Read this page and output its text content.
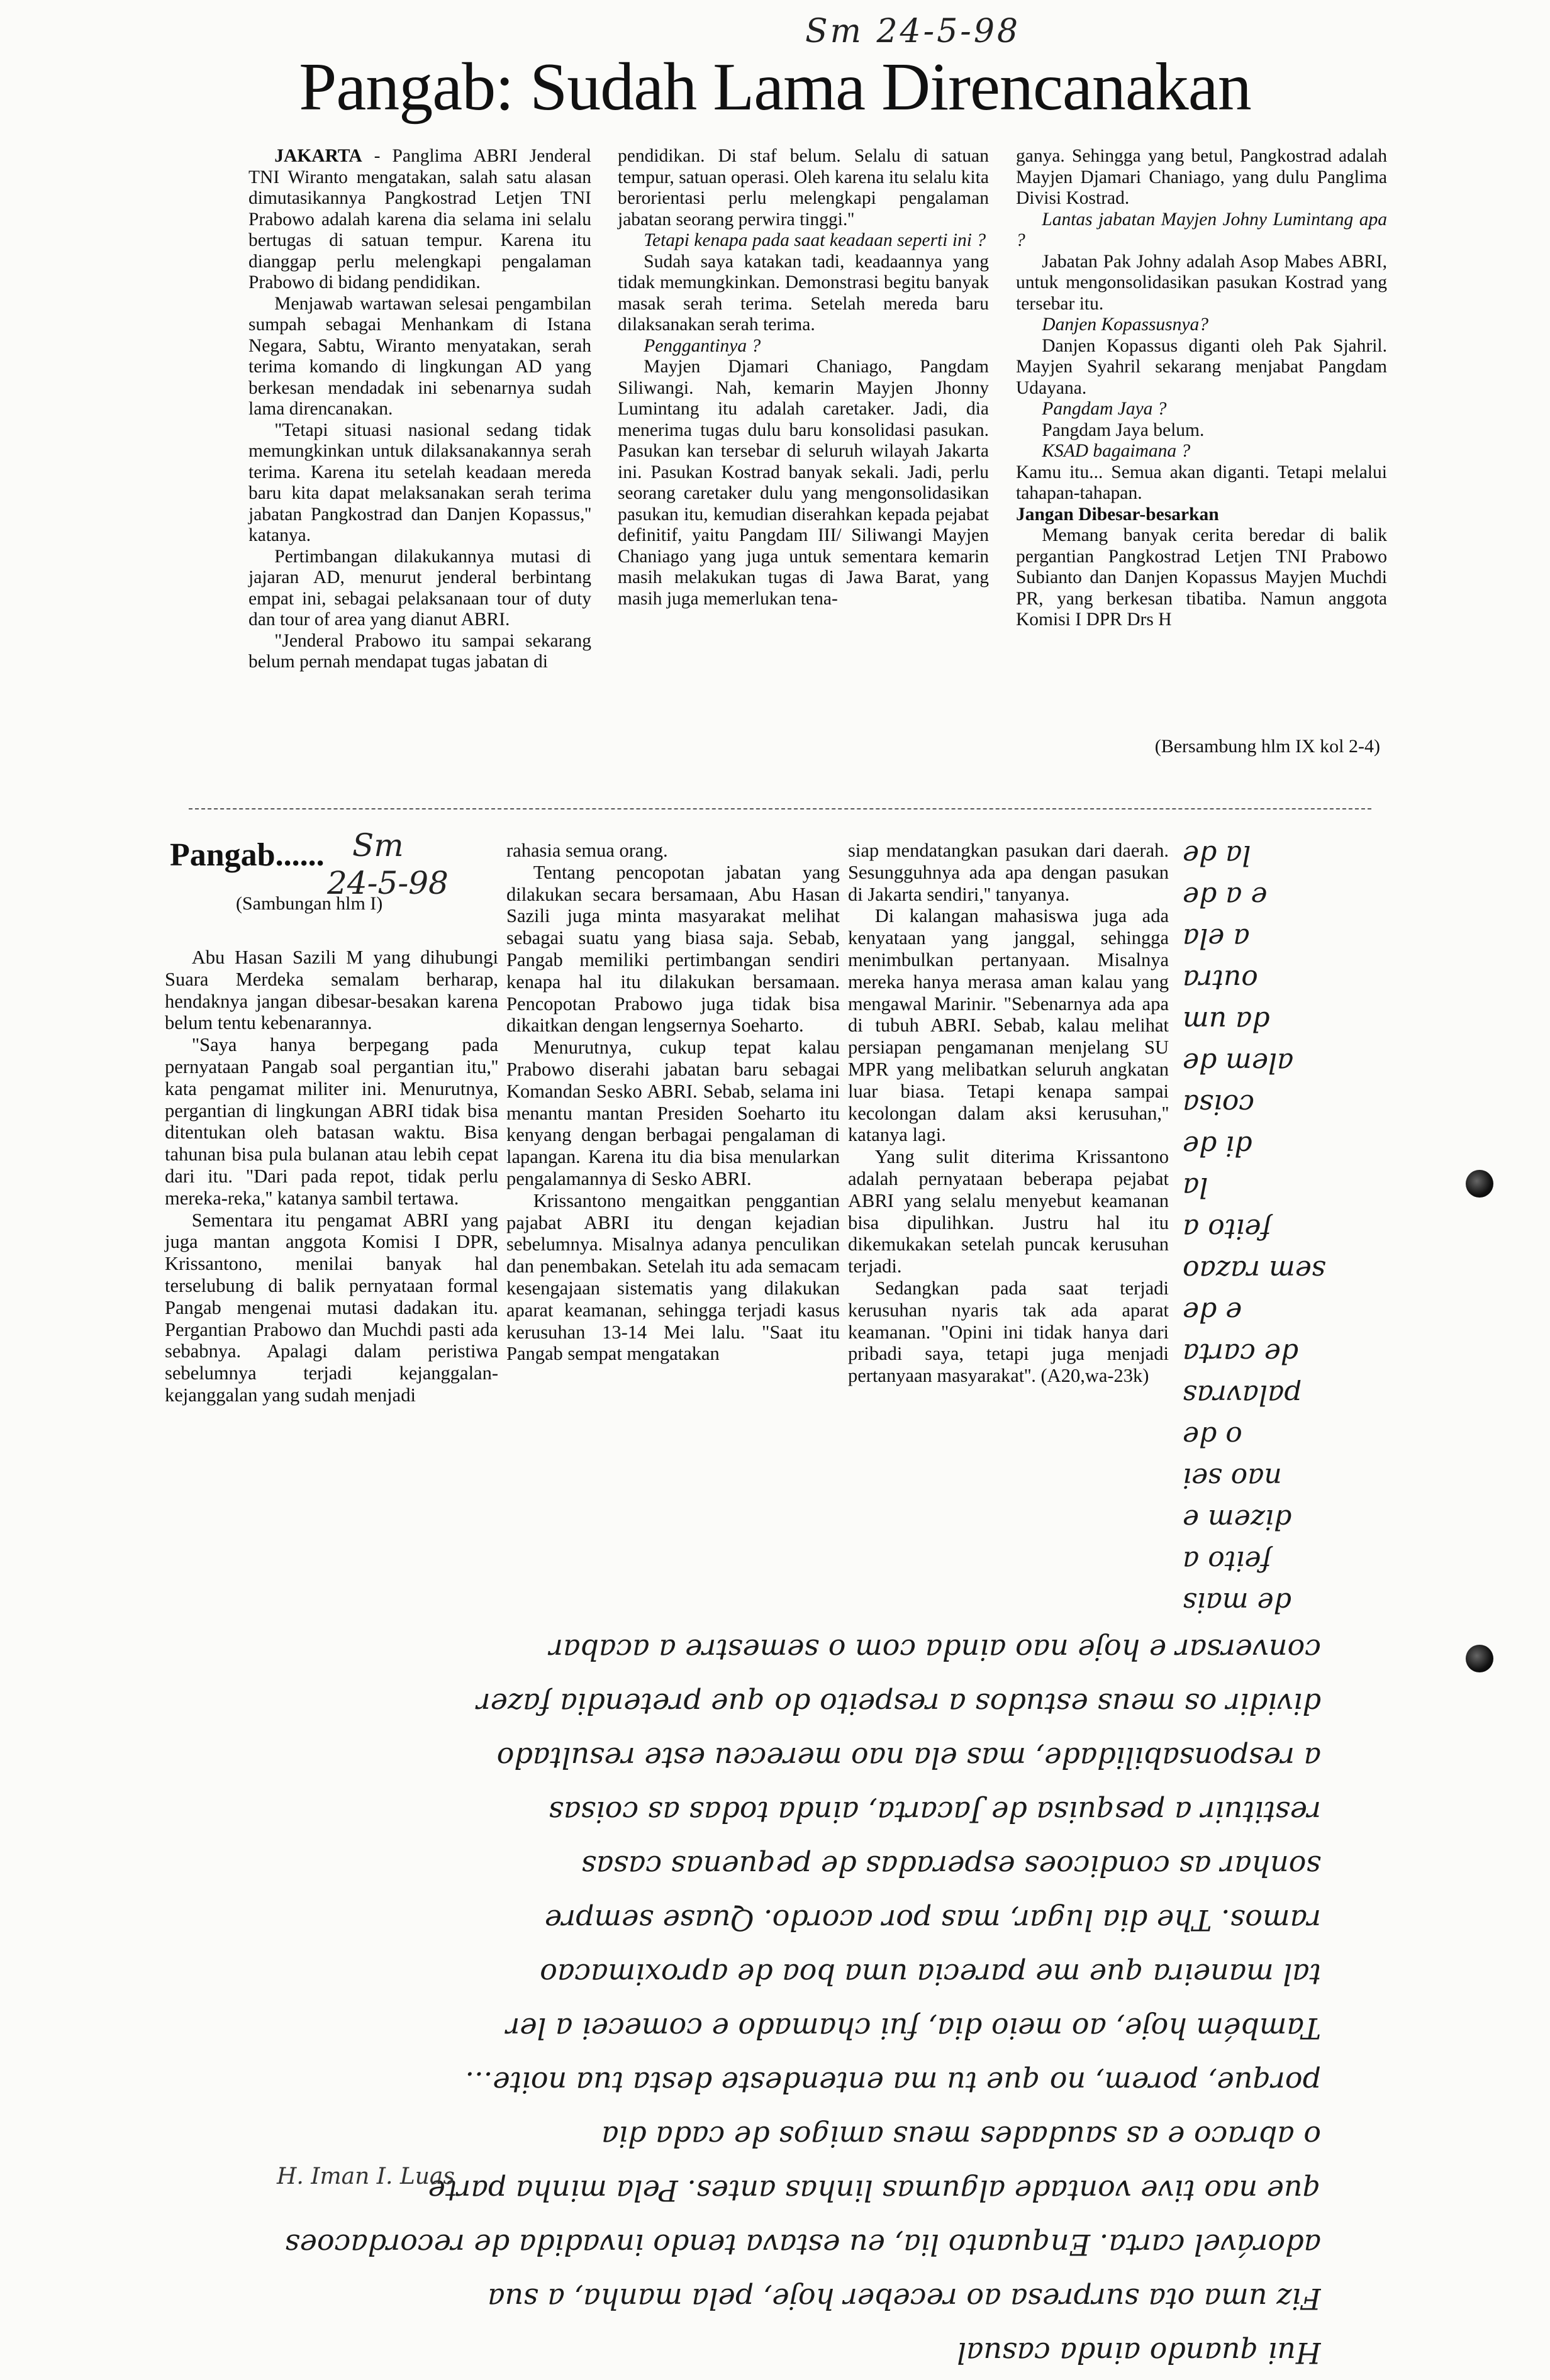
Sm 24-5-98
Pangab: Sudah Lama Direncanakan

JAKARTA - Panglima ABRI Jenderal TNI Wiranto mengatakan, salah satu alasan dimutasikannya Pangkostrad Letjen TNI Prabowo adalah karena dia selama ini selalu bertugas di satuan tempur. Karena itu dianggap perlu melengkapi pengalaman Prabowo di bidang pendidikan.

Menjawab wartawan selesai pengambilan sumpah sebagai Menhankam di Istana Negara, Sabtu, Wiranto menyatakan, serah terima komando di lingkungan AD yang berkesan mendadak ini sebenarnya sudah lama direncanakan.

"Tetapi situasi nasional sedang tidak memungkinkan untuk dilaksanakannya serah terima. Karena itu setelah keadaan mereda baru kita dapat melaksanakan serah terima jabatan Pangkostrad dan Danjen Kopassus,'' katanya.

Pertimbangan dilakukannya mutasi di jajaran AD, menurut jenderal berbintang empat ini, sebagai pelaksanaan tour of duty dan tour of area yang dianut ABRI.

"Jenderal Prabowo itu sampai sekarang belum pernah mendapat tugas jabatan di

pendidikan. Di staf belum. Selalu di satuan tempur, satuan operasi. Oleh karena itu selalu kita berorientasi perlu melengkapi pengalaman jabatan seorang perwira tinggi.''

Tetapi kenapa pada saat keadaan seperti ini ?

Sudah saya katakan tadi, keadaannya yang tidak memungkinkan. Demonstrasi begitu banyak masak serah terima. Setelah mereda baru dilaksanakan serah terima.

Penggantinya ?

Mayjen Djamari Chaniago, Pangdam Siliwangi. Nah, kemarin Mayjen Jhonny Lumintang itu adalah caretaker. Jadi, dia menerima tugas dulu baru konsolidasi pasukan. Pasukan kan tersebar di seluruh wilayah Jakarta ini. Pasukan Kostrad banyak sekali. Jadi, perlu seorang caretaker dulu yang mengonsolidasikan pasukan itu, kemudian diserahkan kepada pejabat definitif, yaitu Pangdam III/ Siliwangi Mayjen Chaniago yang juga untuk sementara kemarin masih melakukan tugas di Jawa Barat, yang masih juga memerlukan tena-

ganya. Sehingga yang betul, Pangkostrad adalah Mayjen Djamari Chaniago, yang dulu Panglima Divisi Kostrad.

Lantas jabatan Mayjen Johny Lumintang apa ?

Jabatan Pak Johny adalah Asop Mabes ABRI, untuk mengonsolidasikan pasukan Kostrad yang tersebar itu.

Danjen Kopassusnya?

Danjen Kopassus diganti oleh Pak Sjahril. Mayjen Syahril sekarang menjabat Pangdam Udayana.

Pangdam Jaya ?

Pangdam Jaya belum.

KSAD bagaimana ?

Kamu itu... Semua akan diganti. Tetapi melalui tahapan-tahapan.

Jangan Dibesar-besarkan

Memang banyak cerita beredar di balik pergantian Pangkostrad Letjen TNI Prabowo Subianto dan Danjen Kopassus Mayjen Muchdi PR, yang berkesan tibatiba. Namun anggota Komisi I DPR Drs H

(Bersambung hlm IX kol 2-4)
Pangab...... Sm
24-5-98
(Sambungan hlm I)

Abu Hasan Sazili M yang dihubungi Suara Merdeka semalam berharap, hendaknya jangan dibesar-besakan karena belum tentu kebenarannya.

"Saya hanya berpegang pada pernyataan Pangab soal pergantian itu,'' kata pengamat militer ini. Menurutnya, pergantian di lingkungan ABRI tidak bisa ditentukan oleh batasan waktu. Bisa tahunan bisa pula bulanan atau lebih cepat dari itu. "Dari pada repot, tidak perlu mereka-reka,'' katanya sambil tertawa.

Sementara itu pengamat ABRI yang juga mantan anggota Komisi I DPR, Krissantono, menilai banyak hal terselubung di balik pernyataan formal Pangab mengenai mutasi dadakan itu. Pergantian Prabowo dan Muchdi pasti ada sebabnya. Apalagi dalam peristiwa sebelumnya terjadi kejanggalan-kejanggalan yang sudah menjadi

rahasia semua orang.

Tentang pencopotan jabatan yang dilakukan secara bersamaan, Abu Hasan Sazili juga minta masyarakat melihat sebagai suatu yang biasa saja. Sebab, Pangab memiliki pertimbangan sendiri kenapa hal itu dilakukan bersamaan. Pencopotan Prabowo juga tidak bisa dikaitkan dengan lengsernya Soeharto.

Menurutnya, cukup tepat kalau Prabowo diserahi jabatan baru sebagai Komandan Sesko ABRI. Sebab, selama ini menantu mantan Presiden Soeharto itu kenyang dengan berbagai pengalaman di lapangan. Karena itu dia bisa menularkan pengalamannya di Sesko ABRI.

Krissantono mengaitkan penggantian pajabat ABRI itu dengan kejadian sebelumnya. Misalnya adanya penculikan dan penembakan. Setelah itu ada semacam kesengajaan sistematis yang dilakukan aparat keamanan, sehingga terjadi kasus kerusuhan 13-14 Mei lalu. "Saat itu Pangab sempat mengatakan

siap mendatangkan pasukan dari daerah. Sesungguhnya ada apa dengan pasukan di Jakarta sendiri,'' tanyanya.

Di kalangan mahasiswa juga ada kenyataan yang janggal, sehingga menimbulkan pertanyaan. Misalnya mereka hanya merasa aman kalau yang mengawal Marinir. "Sebenarnya ada apa di tubuh ABRI. Sebab, kalau melihat persiapan pengamanan menjelang SU MPR yang melibatkan seluruh angkatan luar biasa. Tetapi kenapa sampai kecolongan dalam aksi kerusuhan,'' katanya lagi.

Yang sulit diterima Krissantono adalah pernyataan beberapa pejabat ABRI yang selalu menyebut keamanan bisa dipulihkan. Justru hal itu dikemukakan setelah puncak kerusuhan terjadi.

Sedangkan pada saat terjadi kerusuhan nyaris tak ada aparat keamanan. "Opini ini tidak hanya dari pribadi saya, tetapi juga menjadi pertanyaan masyarakat''. (A20,wa-23k)

de mais
feito a
dizem e
nao sei
o de
palavras
de carta
e de
sem razao
feito a
la
di de
coisa
alem de
da um
outra
a ela
e a de
la de
Hui quando ainda casual
Fiz uma ota surpresa ao receber hoje, pela manha, a sua
adorável carta. Enquanto lia, eu estava tendo invadida de recordacoes
que nao tive vontade algumas linhas antes. Pela minha parte
o abraco e as saudades meus amigos de cada dia
porque, porem, no que tu ma entendeste desta tua noite...
Também hoje, ao meio dia, fui chamado e comecei a ler
tal maneira que me parecia uma boa de aproximacao
ramos. The dia lugar, mas por acordo. Quase sempre
sonhar as condicoes esperadas de pequenas casas
restituir a pesquisa de Jacarta, ainda todas as coisas
a responsabilidade, mas ela nao mereceu este resultado
dividir os meus estudos a respeito do que pretendia fazer
conversar e hoje nao ainda com o semestre a acabar
H. Iman I. Luas
